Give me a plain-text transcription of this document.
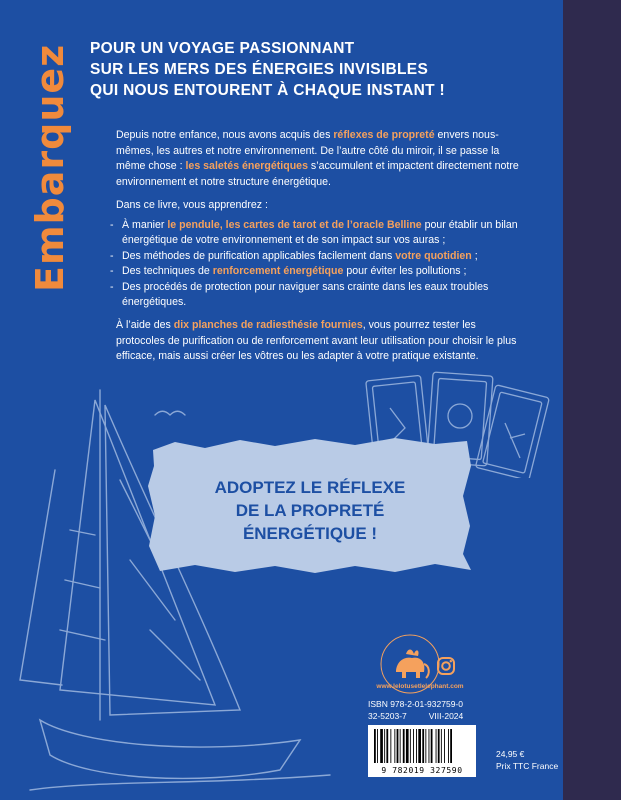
Embarquez POUR UN VOYAGE PASSIONNANT
SUR LES MERS DES ÉNERGIES INVISIBLES
QUI NOUS ENTOURENT À CHAQUE INSTANT !
Depuis notre enfance, nous avons acquis des réflexes de propreté envers nous-mêmes, les autres et notre environnement. De l’autre côté du miroir, il se passe la même chose : les saletés énergétiques s’accumulent et impactent directement notre environnement et notre structure énergétique.
Dans ce livre, vous apprendrez :
- À manier le pendule, les cartes de tarot et de l’oracle Belline pour établir un bilan énergétique de votre environnement et de son impact sur vos auras ;
- Des méthodes de purification applicables facilement dans votre quotidien ;
- Des techniques de renforcement énergétique pour éviter les pollutions ;
- Des procédés de protection pour naviguer sans crainte dans les eaux troubles énergétiques.
À l’aide des dix planches de radiesthésie fournies, vous pourrez tester les protocoles de purification ou de renforcement avant leur utilisation pour choisir le plus efficace, mais aussi créer les vôtres ou les adapter à votre pratique existante.
ADOPTEZ LE RÉFLEXE
DE LA PROPRETÉ
ÉNERGÉTIQUE !
www.lelotusetlelephant.com
ISBN 978-2-01-932759-0
32-5203-7	VIII-2024
9 782019 327590
24,95 €
Prix TTC France
